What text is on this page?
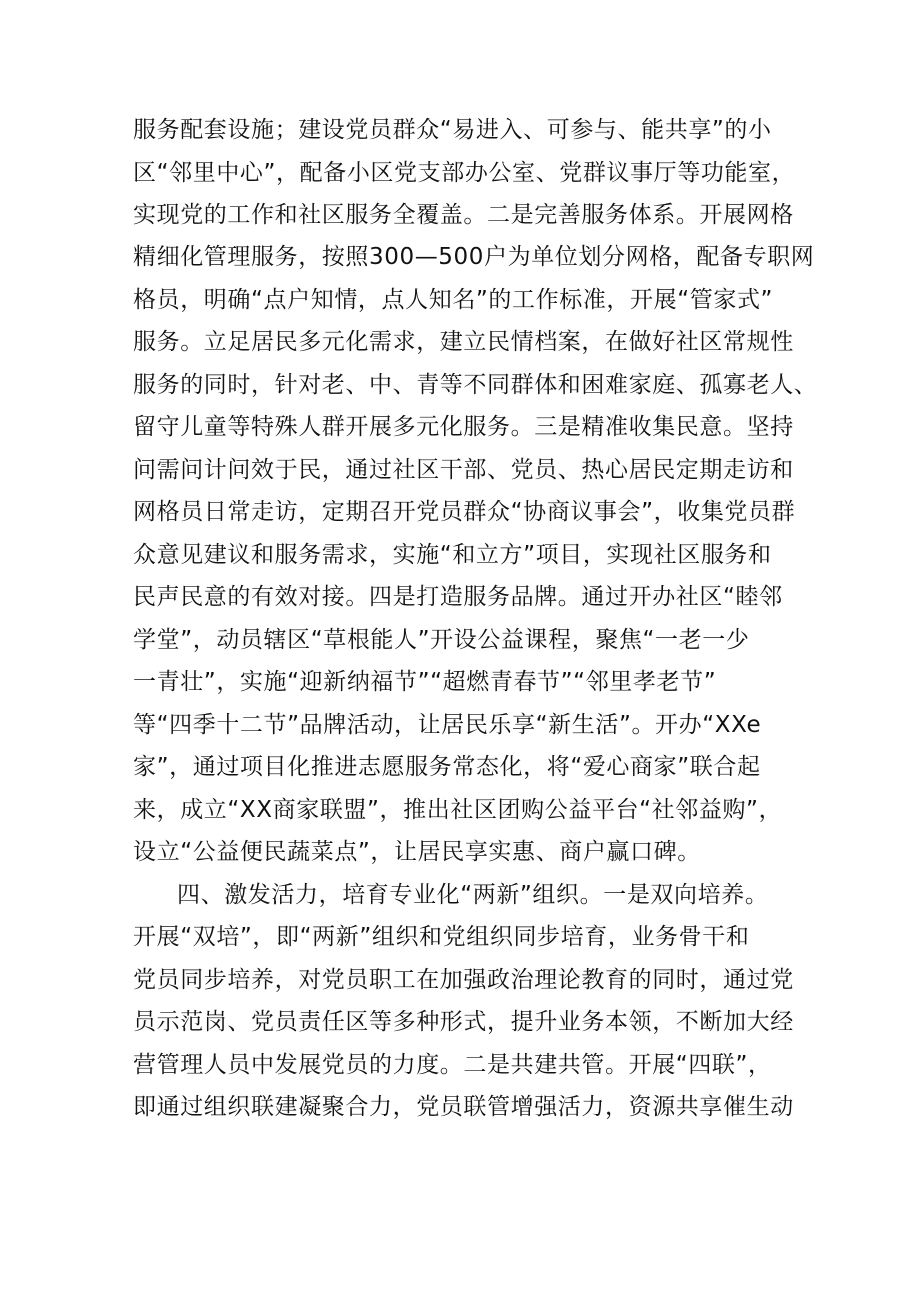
服务配套设施；建设党员群众“易进入、可参与、能共享”的小
区“邻里中心”，配备小区党支部办公室、党群议事厅等功能室，
实现党的工作和社区服务全覆盖。二是完善服务体系。开展网格
精细化管理服务，按照300—500户为单位划分网格，配备专职网
格员，明确“点户知情，点人知名”的工作标准，开展“管家式”
服务。立足居民多元化需求，建立民情档案，在做好社区常规性
服务的同时，针对老、中、青等不同群体和困难家庭、孤寡老人、
留守儿童等特殊人群开展多元化服务。三是精准收集民意。坚持
问需问计问效于民，通过社区干部、党员、热心居民定期走访和
网格员日常走访，定期召开党员群众“协商议事会”，收集党员群
众意见建议和服务需求，实施“和立方”项目，实现社区服务和
民声民意的有效对接。四是打造服务品牌。通过开办社区“睦邻
学堂”，动员辖区“草根能人”开设公益课程，聚焦“一老一少
一青壮”，实施“迎新纳福节”“超燃青春节”“邻里孝老节”
等“四季十二节”品牌活动，让居民乐享“新生活”。开办“XXe
家”，通过项目化推进志愿服务常态化，将“爱心商家”联合起
来，成立“XX商家联盟”，推出社区团购公益平台“社邻益购”，
设立“公益便民蔬菜点”，让居民享实惠、商户赢口碑。
四、激发活力，培育专业化“两新”组织。一是双向培养。
开展“双培”，即“两新”组织和党组织同步培育，业务骨干和
党员同步培养，对党员职工在加强政治理论教育的同时，通过党
员示范岗、党员责任区等多种形式，提升业务本领，不断加大经
营管理人员中发展党员的力度。二是共建共管。开展“四联”，
即通过组织联建凝聚合力，党员联管增强活力，资源共享催生动
